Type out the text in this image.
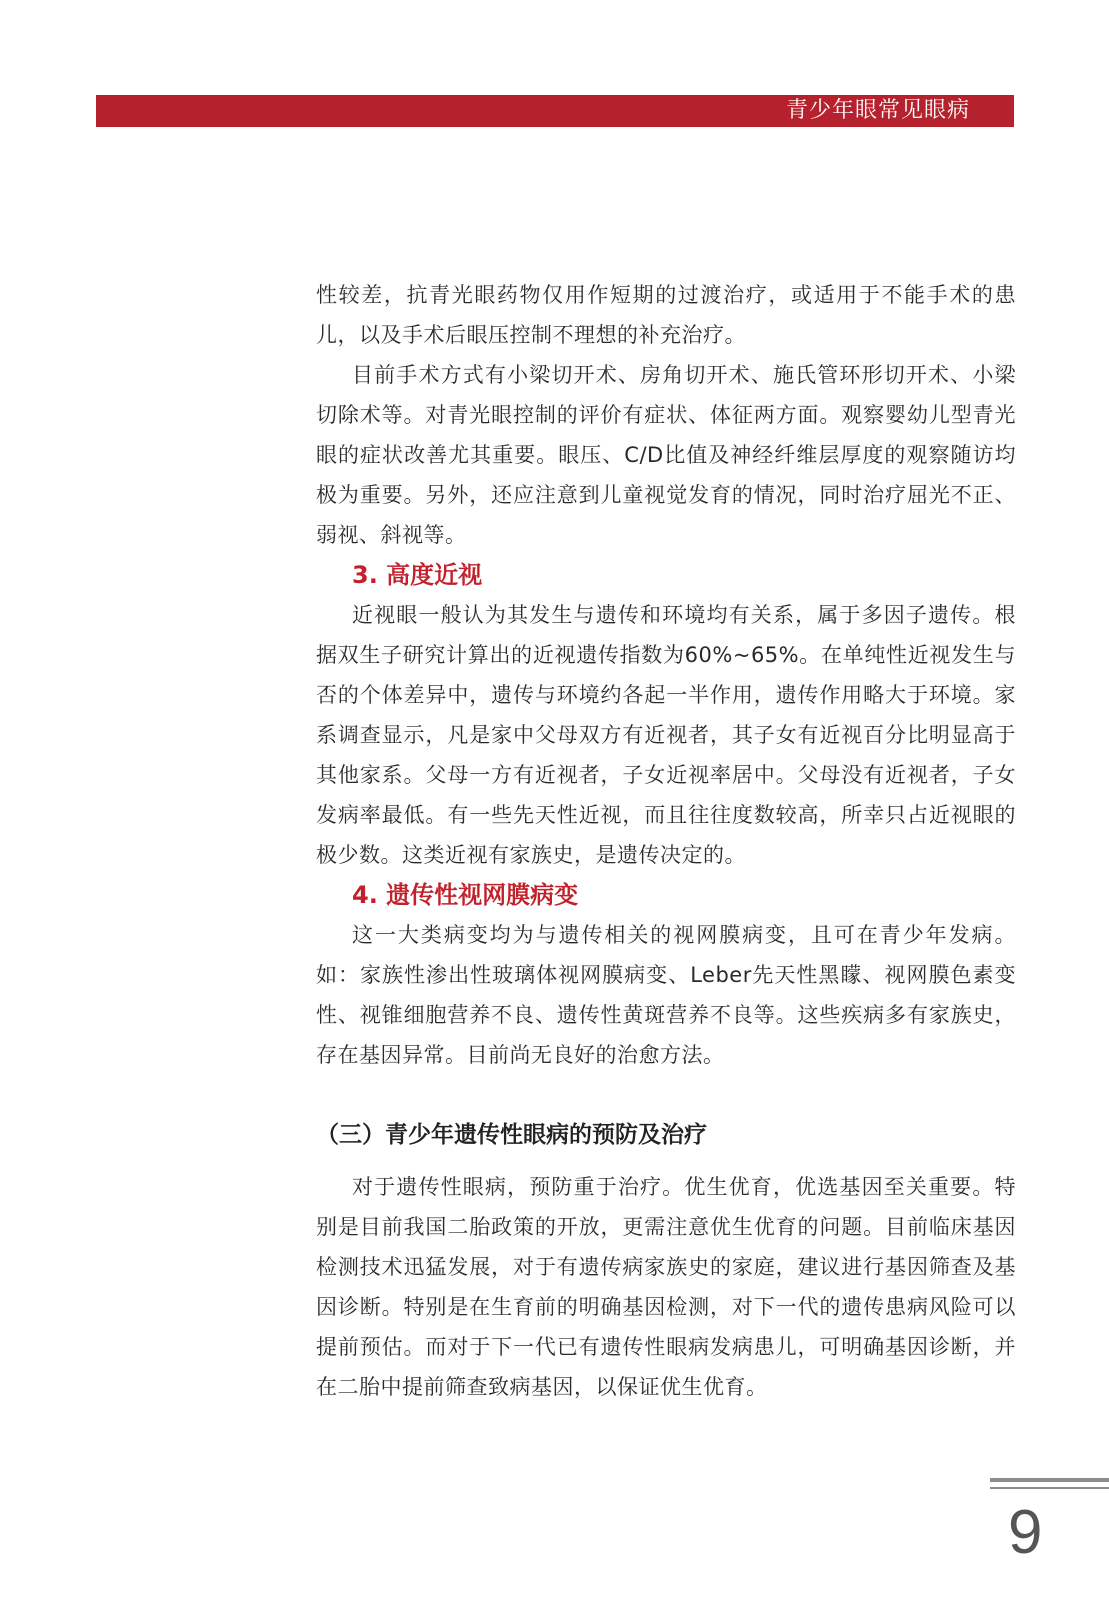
青少年眼常见眼病

性较差，抗青光眼药物仅用作短期的过渡治疗，或适用于不能手术的患儿，以及手术后眼压控制不理想的补充治疗。

目前手术方式有小梁切开术、房角切开术、施氏管环形切开术、小梁切除术等。对青光眼控制的评价有症状、体征两方面。观察婴幼儿型青光眼的症状改善尤其重要。眼压、C/D比值及神经纤维层厚度的观察随访均极为重要。另外，还应注意到儿童视觉发育的情况，同时治疗屈光不正、弱视、斜视等。

3. 高度近视

近视眼一般认为其发生与遗传和环境均有关系，属于多因子遗传。根据双生子研究计算出的近视遗传指数为60%~65%。在单纯性近视发生与否的个体差异中，遗传与环境约各起一半作用，遗传作用略大于环境。家系调查显示，凡是家中父母双方有近视者，其子女有近视百分比明显高于其他家系。父母一方有近视者，子女近视率居中。父母没有近视者，子女发病率最低。有一些先天性近视，而且往往度数较高，所幸只占近视眼的极少数。这类近视有家族史，是遗传决定的。

4. 遗传性视网膜病变

这一大类病变均为与遗传相关的视网膜病变，且可在青少年发病。如：家族性渗出性玻璃体视网膜病变、Leber先天性黑矇、视网膜色素变性、视锥细胞营养不良、遗传性黄斑营养不良等。这些疾病多有家族史，存在基因异常。目前尚无良好的治愈方法。

（三）青少年遗传性眼病的预防及治疗

对于遗传性眼病，预防重于治疗。优生优育，优选基因至关重要。特别是目前我国二胎政策的开放，更需注意优生优育的问题。目前临床基因检测技术迅猛发展，对于有遗传病家族史的家庭，建议进行基因筛查及基因诊断。特别是在生育前的明确基因检测，对下一代的遗传患病风险可以提前预估。而对于下一代已有遗传性眼病发病患儿，可明确基因诊断，并在二胎中提前筛查致病基因，以保证优生优育。

9
